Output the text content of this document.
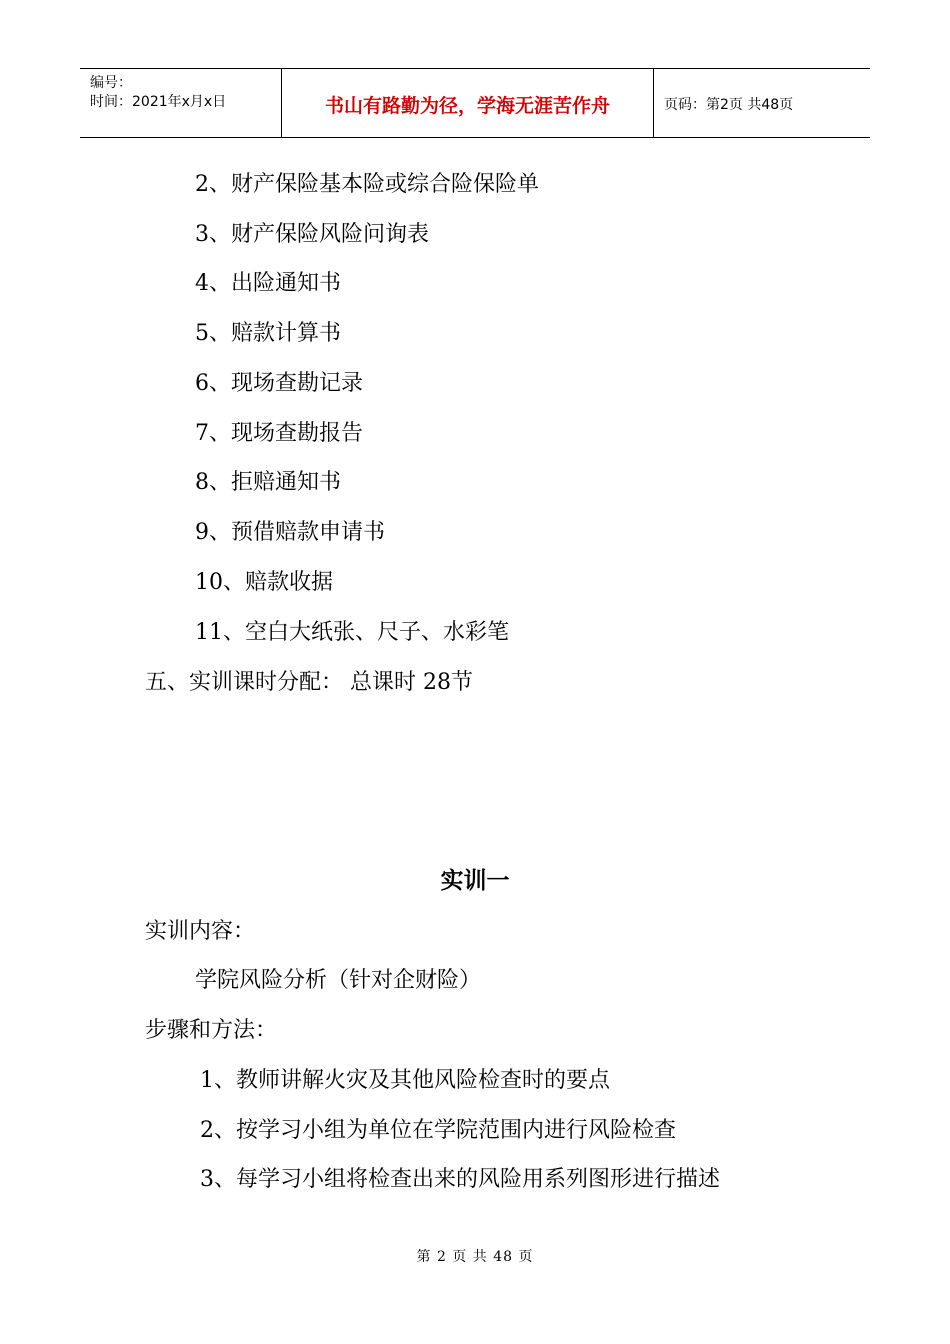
编号：
时间：2021年x月x日	书山有路勤为径，学海无涯苦作舟	页码：第2页 共48页
2、财产保险基本险或综合险保险单
3、财产保险风险问询表
4、出险通知书
5、赔款计算书
6、现场查勘记录
7、现场查勘报告
8、拒赔通知书
9、预借赔款申请书
10、赔款收据
11、空白大纸张、尺子、水彩笔
五、实训课时分配： 总课时 28节
实训一
实训内容：
学院风险分析（针对企财险）
步骤和方法：
1、教师讲解火灾及其他风险检查时的要点
2、按学习小组为单位在学院范围内进行风险检查
3、每学习小组将检查出来的风险用系列图形进行描述
第 2 页 共 48 页
